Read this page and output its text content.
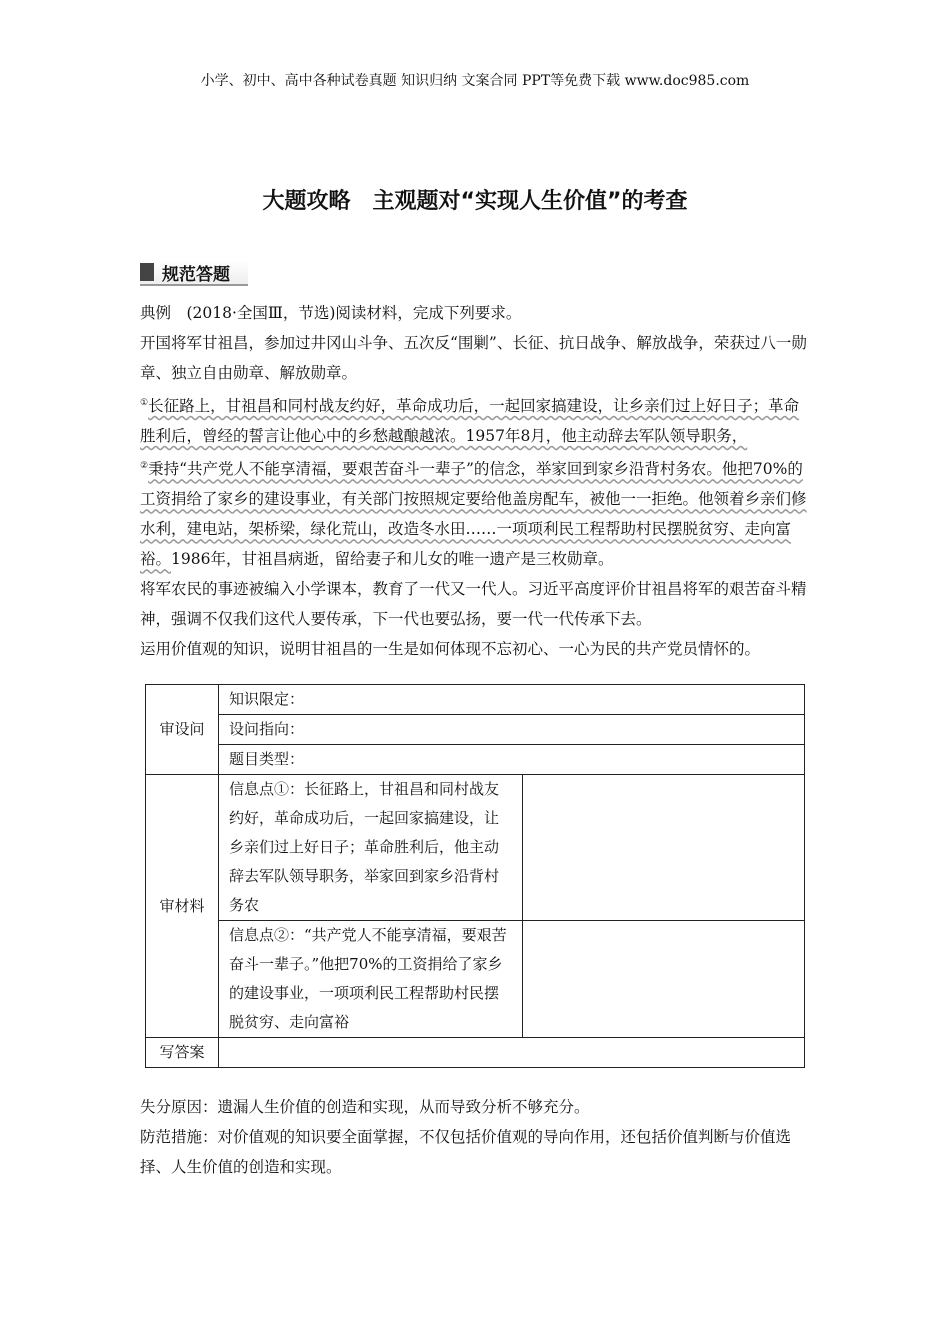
小学、初中、高中各种试卷真题 知识归纳 文案合同 PPT等免费下载 www.doc985.com
大题攻略　主观题对“实现人生价值”的考查
规范答题

典例　(2018·全国Ⅲ，节选)阅读材料，完成下列要求。

开国将军甘祖昌，参加过井冈山斗争、五次反“围剿”、长征、抗日战争、解放战争，荣获过八一勋章、独立自由勋章、解放勋章。

①长征路上，甘祖昌和同村战友约好，革命成功后，一起回家搞建设，让乡亲们过上好日子；革命胜利后，曾经的誓言让他心中的乡愁越酿越浓。1957年8月，他主动辞去军队领导职务，

②秉持“共产党人不能享清福，要艰苦奋斗一辈子”的信念，举家回到家乡沿背村务农。他把70%的工资捐给了家乡的建设事业，有关部门按照规定要给他盖房配车，被他一一拒绝。他领着乡亲们修水利，建电站，架桥梁，绿化荒山，改造冬水田……一项项利民工程帮助村民摆脱贫穷、走向富裕。1986年，甘祖昌病逝，留给妻子和儿女的唯一遗产是三枚勋章。

将军农民的事迹被编入小学课本，教育了一代又一代人。习近平高度评价甘祖昌将军的艰苦奋斗精神，强调不仅我们这代人要传承，下一代也要弘扬，要一代一代传承下去。

运用价值观的知识，说明甘祖昌的一生是如何体现不忘初心、一心为民的共产党员情怀的。

审设问	知识限定：	
	设问指向：	
	题目类型：	
审材料	信息点①：长征路上，甘祖昌和同村战友约好，革命成功后，一起回家搞建设，让乡亲们过上好日子；革命胜利后，他主动辞去军队领导职务，举家回到家乡沿背村务农	
	信息点②：“共产党人不能享清福，要艰苦奋斗一辈子。”他把70%的工资捐给了家乡的建设事业，一项项利民工程帮助村民摆脱贫穷、走向富裕	
写答案		

失分原因：遗漏人生价值的创造和实现，从而导致分析不够充分。

防范措施：对价值观的知识要全面掌握，不仅包括价值观的导向作用，还包括价值判断与价值选择、人生价值的创造和实现。
